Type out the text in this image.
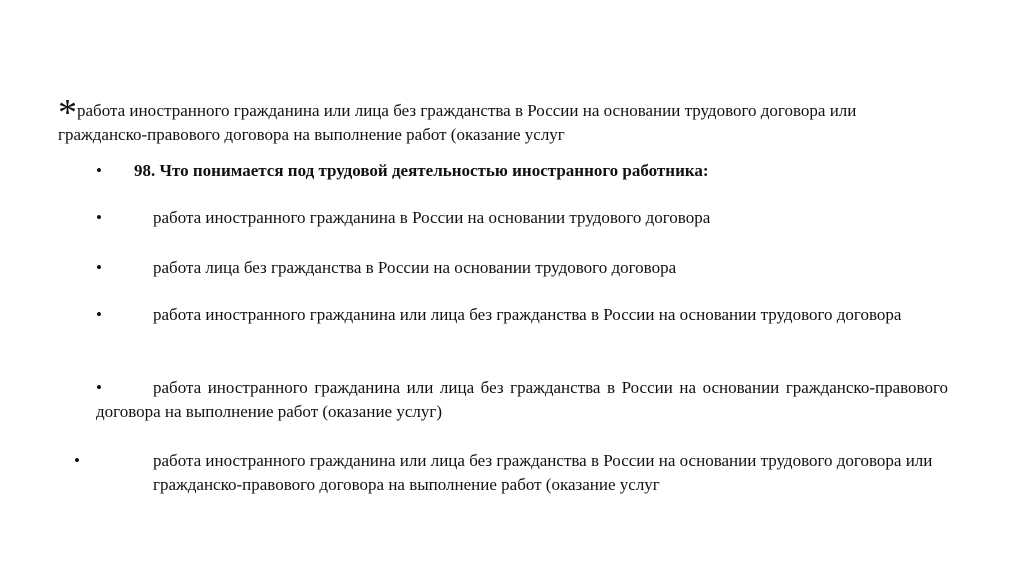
*работа иностранного гражданина или лица без гражданства в России на основании трудового договора или гражданско-правового договора на выполнение работ (оказание услуг
• 98. Что понимается под трудовой деятельностью иностранного работника:
•	работа иностранного гражданина в России на основании трудового договора
•	работа лица без гражданства в России на основании трудового договора
•	работа иностранного гражданина или лица без гражданства в России на основании трудового договора
•	работа иностранного гражданина или лица без гражданства в России на основании гражданско-правового договора на выполнение работ (оказание услуг)
•	работа иностранного гражданина или лица без гражданства в России на основании трудового договора или гражданско-правового договора на выполнение работ (оказание услуг
